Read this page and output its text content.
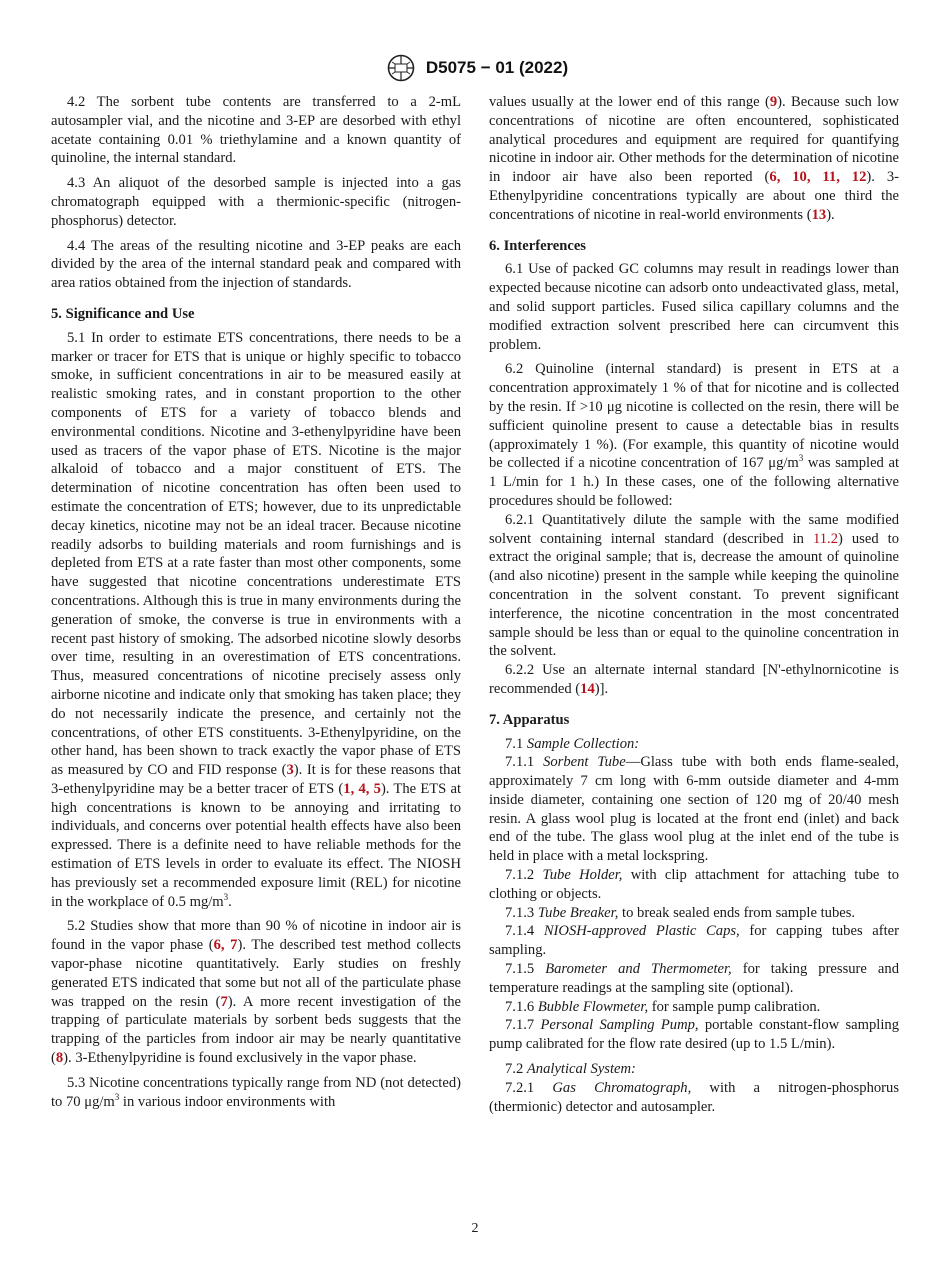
D5075 − 01 (2022)

4.2 The sorbent tube contents are transferred to a 2-mL autosampler vial, and the nicotine and 3-EP are desorbed with ethyl acetate containing 0.01 % triethylamine and a known quantity of quinoline, the internal standard.

4.3 An aliquot of the desorbed sample is injected into a gas chromatograph equipped with a thermionic-specific (nitrogen-phosphorus) detector.

4.4 The areas of the resulting nicotine and 3-EP peaks are each divided by the area of the internal standard peak and compared with area ratios obtained from the injection of standards.

5. Significance and Use

5.1 In order to estimate ETS concentrations, there needs to be a marker or tracer for ETS that is unique or highly specific to tobacco smoke, in sufficient concentrations in air to be measured easily at realistic smoking rates, and in constant proportion to the other components of ETS for a variety of tobacco blends and environmental conditions. Nicotine and 3-ethenylpyridine have been used as tracers of the vapor phase of ETS. Nicotine is the major alkaloid of tobacco and a major constituent of ETS. The determination of nicotine concentration has often been used to estimate the concentration of ETS; however, due to its unpredictable decay kinetics, nicotine may not be an ideal tracer. Because nicotine readily adsorbs to building materials and room furnishings and is depleted from ETS at a rate faster than most other components, some have suggested that nicotine concentrations underestimate ETS concentrations. Although this is true in many environments during the generation of smoke, the converse is true in environments with a recent past history of smoking. The adsorbed nicotine slowly desorbs over time, resulting in an overestimation of ETS concentrations. Thus, measured concentrations of nicotine precisely assess only airborne nicotine and indicate only that smoking has taken place; they do not necessarily indicate the presence, and certainly not the concentrations, of other ETS constituents. 3-Ethenylpyridine, on the other hand, has been shown to track exactly the vapor phase of ETS as measured by CO and FID response (3). It is for these reasons that 3-ethenylpyridine may be a better tracer of ETS (1, 4, 5). The ETS at high concentrations is known to be annoying and irritating to individuals, and concerns over potential health effects have also been expressed. There is a definite need to have reliable methods for the estimation of ETS levels in order to evaluate its effect. The NIOSH has previously set a recommended exposure limit (REL) for nicotine in the workplace of 0.5 $mg/m^3$.

5.2 Studies show that more than 90 % of nicotine in indoor air is found in the vapor phase (6, 7). The described test method collects vapor-phase nicotine quantitatively. Early studies on freshly generated ETS indicated that some but not all of the particulate phase was trapped on the resin (7). A more recent investigation of the trapping of particulate materials by sorbent beds suggests that the trapping of the particles from indoor air may be nearly quantitative (8). 3-Ethenylpyridine is found exclusively in the vapor phase.

5.3 Nicotine concentrations typically range from ND (not detected) to 70 $\mu g/m^3$ in various indoor environments with

values usually at the lower end of this range (9). Because such low concentrations of nicotine are often encountered, sophisticated analytical procedures and equipment are required for quantifying nicotine in indoor air. Other methods for the determination of nicotine in indoor air have also been reported (6, 10, 11, 12). 3-Ethenylpyridine concentrations typically are about one third the concentrations of nicotine in real-world environments (13).

6. Interferences

6.1 Use of packed GC columns may result in readings lower than expected because nicotine can adsorb onto undeactivated glass, metal, and solid support particles. Fused silica capillary columns and the modified extraction solvent prescribed here can circumvent this problem.

6.2 Quinoline (internal standard) is present in ETS at a concentration approximately 1 % of that for nicotine and is collected by the resin. If >10 μg nicotine is collected on the resin, there will be sufficient quinoline present to cause a detectable bias in results (approximately 1 %). (For example, this quantity of nicotine would be collected if a nicotine concentration of 167 $\mu g/m^3$ was sampled at 1 L/min for 1 h.) In these cases, one of the following alternative procedures should be followed:

6.2.1 Quantitatively dilute the sample with the same modified solvent containing internal standard (described in 11.2) used to extract the original sample; that is, decrease the amount of quinoline (and also nicotine) present in the sample while keeping the quinoline concentration in the solvent constant. To prevent significant interference, the nicotine concentration in the most concentrated sample should be less than or equal to the quinoline concentration in the solvent.

6.2.2 Use an alternate internal standard [N'-ethylnornicotine is recommended (14)].

7. Apparatus

7.1 Sample Collection:

7.1.1 Sorbent Tube—Glass tube with both ends flame-sealed, approximately 7 cm long with 6-mm outside diameter and 4-mm inside diameter, containing one section of 120 mg of 20/40 mesh resin. A glass wool plug is located at the front end (inlet) and back end of the tube. The glass wool plug at the inlet end of the tube is held in place with a metal lockspring.

7.1.2 Tube Holder, with clip attachment for attaching tube to clothing or objects.

7.1.3 Tube Breaker, to break sealed ends from sample tubes.

7.1.4 NIOSH-approved Plastic Caps, for capping tubes after sampling.

7.1.5 Barometer and Thermometer, for taking pressure and temperature readings at the sampling site (optional).

7.1.6 Bubble Flowmeter, for sample pump calibration.

7.1.7 Personal Sampling Pump, portable constant-flow sampling pump calibrated for the flow rate desired (up to 1.5 L/min).

7.2 Analytical System:

7.2.1 Gas Chromatograph, with a nitrogen-phosphorus (thermionic) detector and autosampler.

2
